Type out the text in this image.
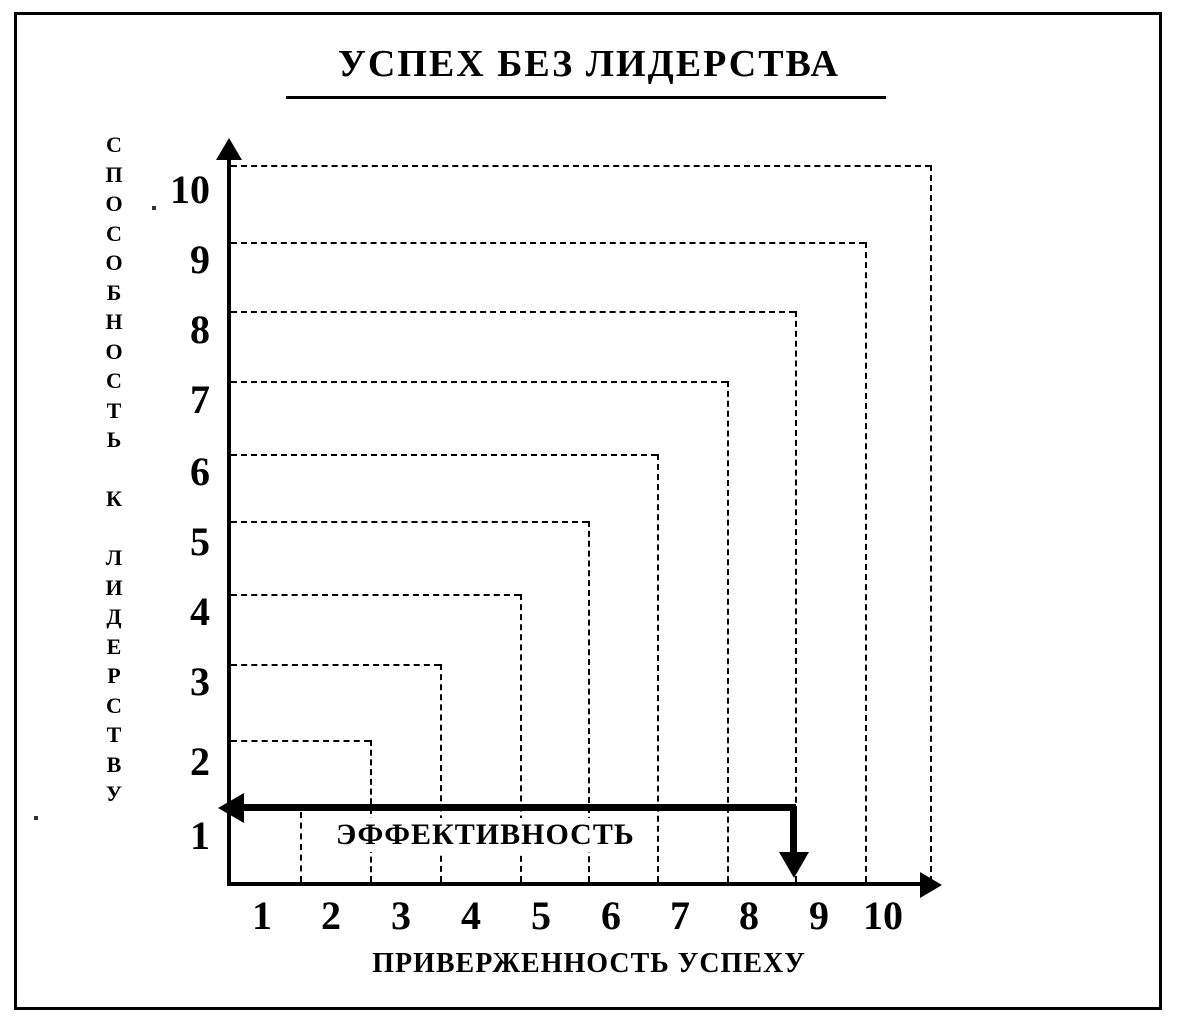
УСПЕХ БЕЗ ЛИДЕРСТВА
ЭФФЕКТИВНОСТЬ
10
9
8
7
6
5
4
3
2
1
1	2	3	4	5	6	7	8	9 10
С
П
О
С
О
Б
Н
О
С
Т
Ь

К

Л
И
Д
Е
Р
С
Т
В
У
ПРИВЕРЖЕННОСТЬ УСПЕХУ
